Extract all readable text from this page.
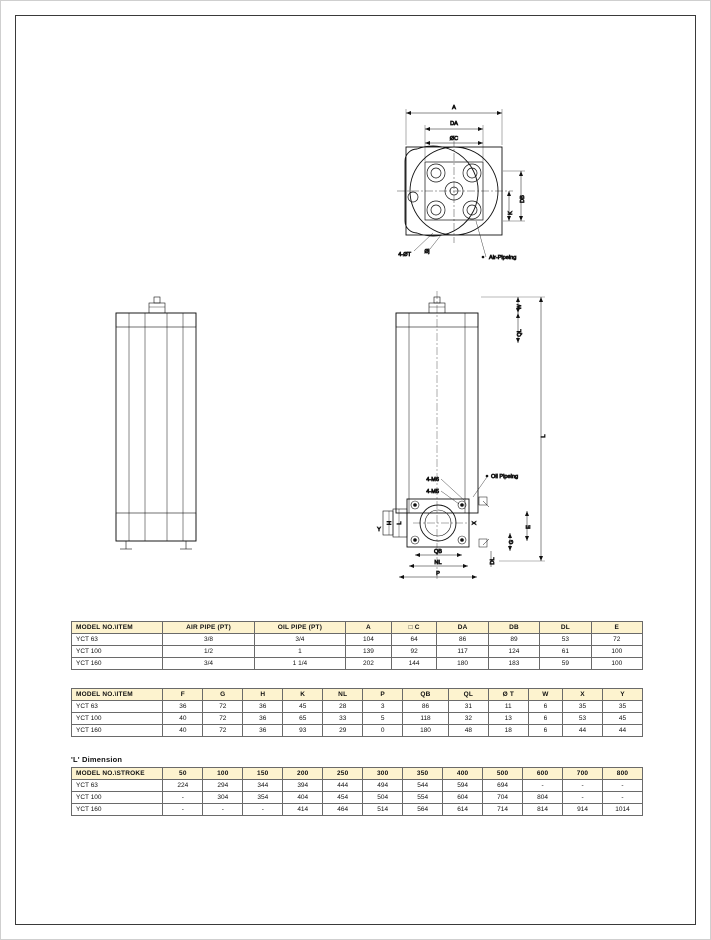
A
DA
ØC
DB
K
4-ØT	Øj
Air-Pipeing
W
QL
L
4-M6
4-M5
Oil Pipeing
Y
H L
QB
NL
P
X
G
DL
E
MODEL NO.\ITEM	AIR PIPE (PT)	OIL PIPE (PT)	A	□ C	DA	DB	DL	E
YCT 63	3/8	3/4	104	64	86	89	53	72
YCT 100	1/2	1	139	92	117	124	61	100
YCT 160	3/4	1 1/4	202	144	180	183	59	100
MODEL NO.\ITEM	F	G	H	K	NL	P	QB	QL	Ø T	W	X	Y
YCT 63	36	72	36	45	28	3	86	31	11	6	35	35
YCT 100	40	72	36	65	33	5	118	32	13	6	53	45
YCT 160	40	72	36	93	29	0	180	48	18	6	44	44
'L' Dimension
MODEL NO.\STROKE	50	100	150	200	250	300	350	400	500	600	700	800
YCT 63	224	294	344	394	444	494	544	594	694	-	-	-
YCT 100	-	304	354	404	454	504	554	604	704	804	-	-
YCT 160	-	-	-	414	464	514	564	614	714	814	914	1014
